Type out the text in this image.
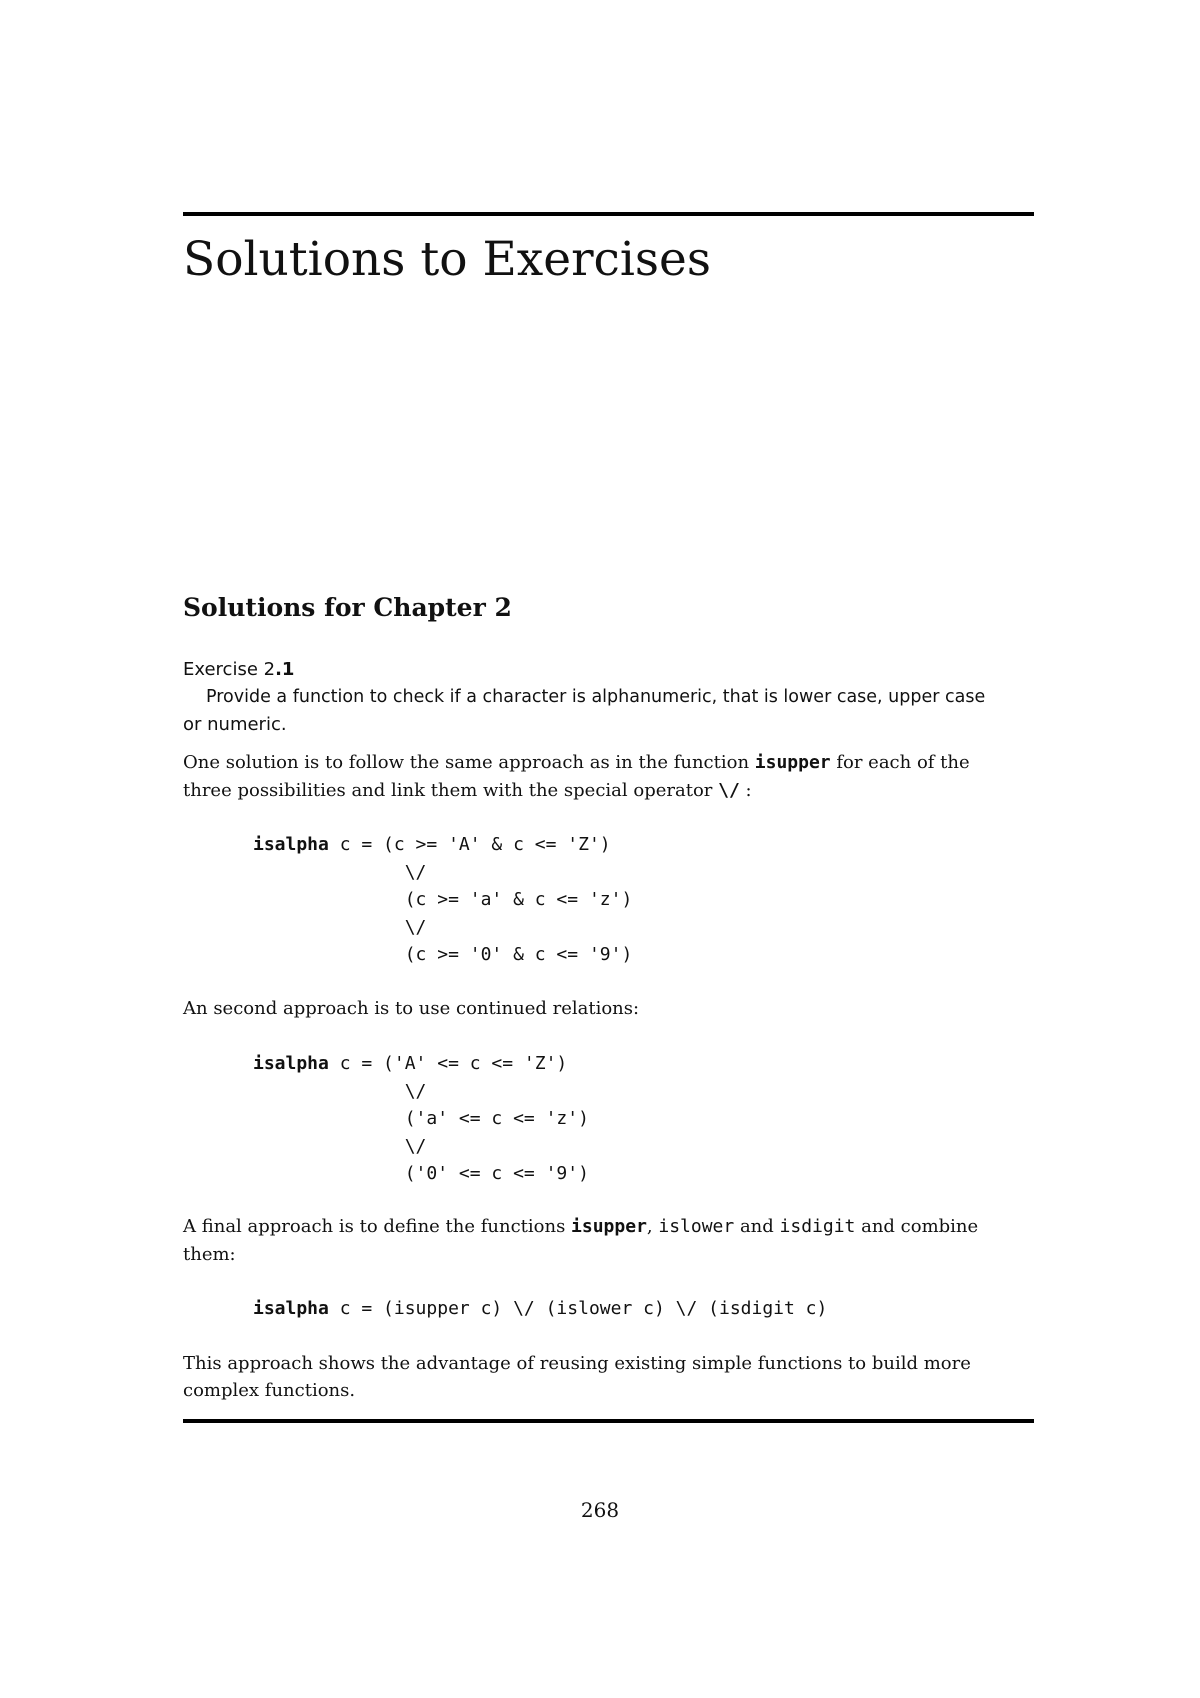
Solutions to Exercises
Solutions for Chapter 2
Exercise 2.1
Provide a function to check if a character is alphanumeric, that is lower case, upper case
or numeric.
One solution is to follow the same approach as in the function isupper for each of the
three possibilities and link them with the special operator \/ :
isalpha c = (c >= 'A' & c <= 'Z')
\/
(c >= 'a' & c <= 'z')
\/
(c >= '0' & c <= '9')
An second approach is to use continued relations:
isalpha c = ('A' <= c <= 'Z')
\/
('a' <= c <= 'z')
\/
('0' <= c <= '9')
A final approach is to define the functions isupper, islower and isdigit and combine
them:
isalpha c = (isupper c) \/ (islower c) \/ (isdigit c)
This approach shows the advantage of reusing existing simple functions to build more
complex functions.
268
